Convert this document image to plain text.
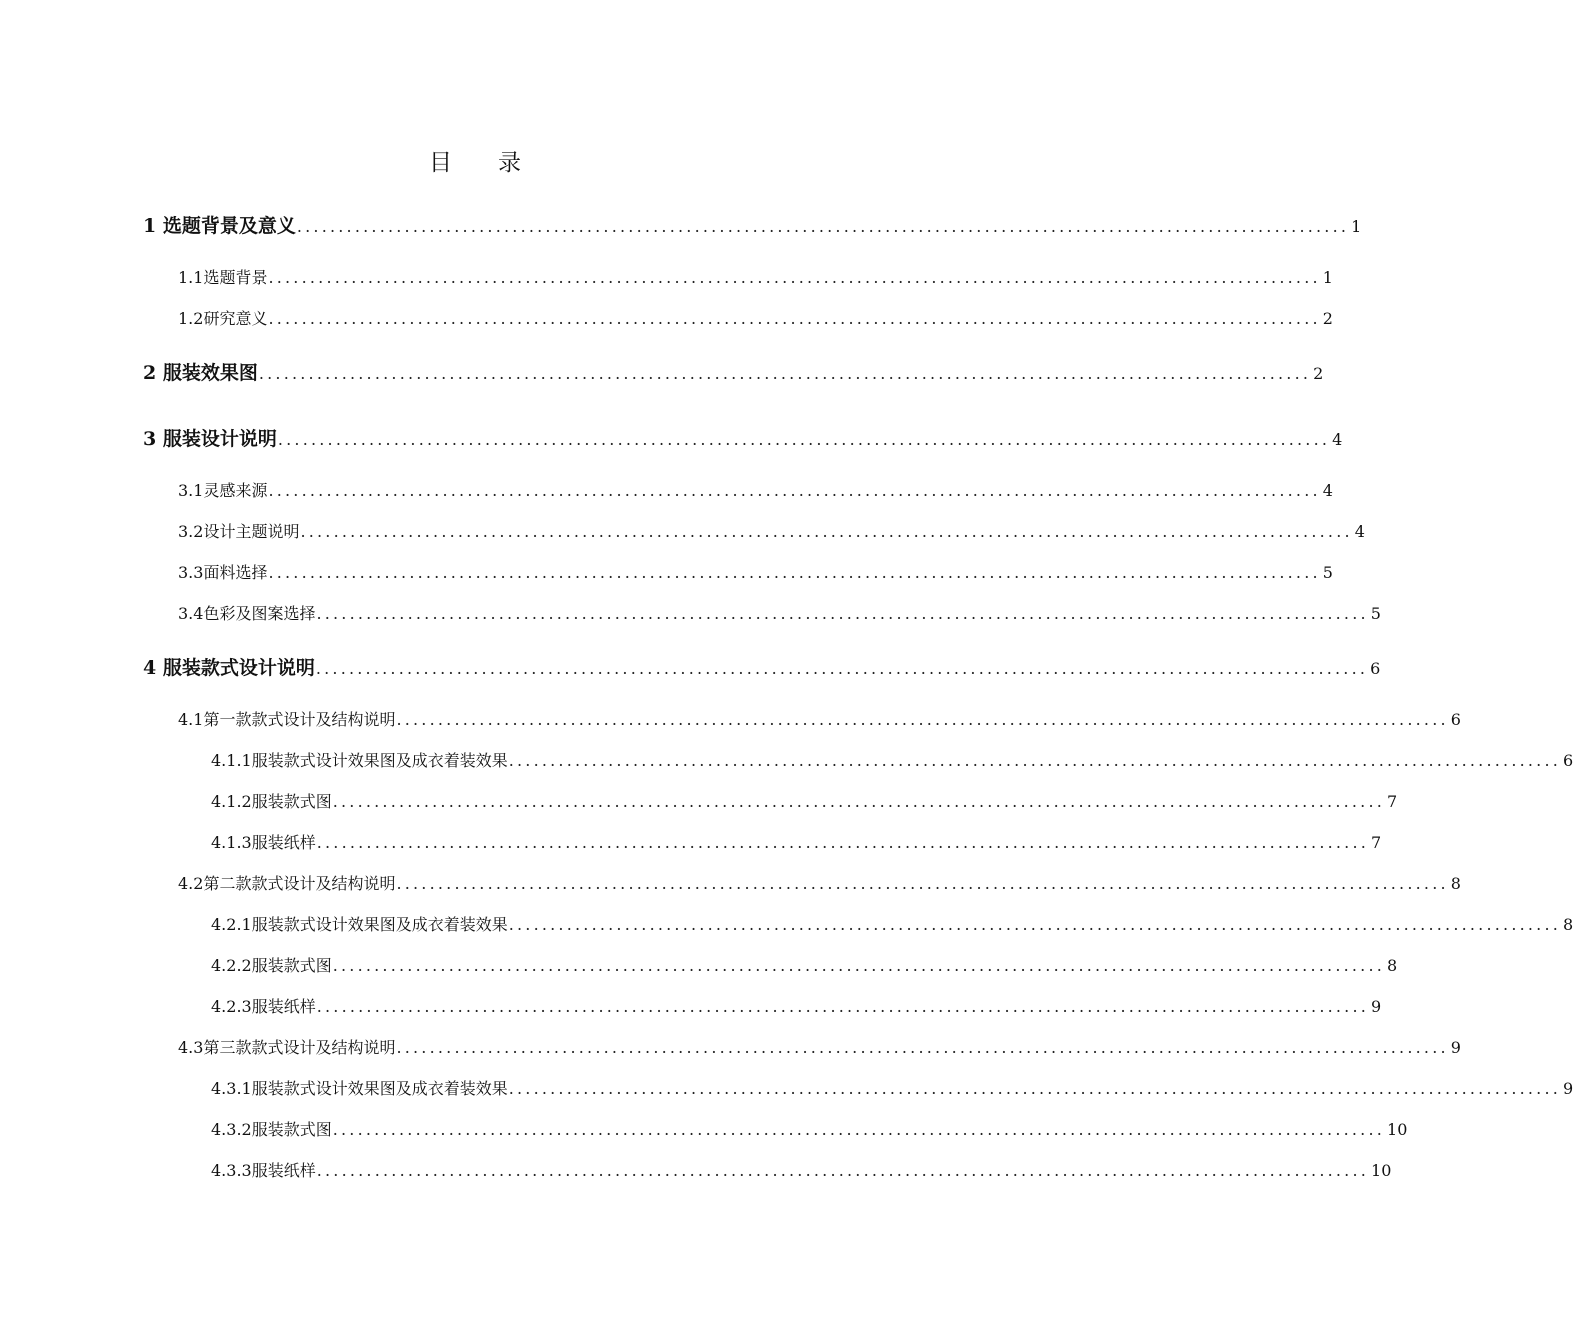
目录
1 选题背景及意义 ............................................................................................................................... 1
1.1选题背景 ............................................................................................................................... 1
1.2研究意义 ............................................................................................................................... 2
2 服装效果图 ............................................................................................................................... 2
3 服装设计说明 ............................................................................................................................... 4
3.1灵感来源 ............................................................................................................................... 4
3.2设计主题说明 ............................................................................................................................... 4
3.3面料选择 ............................................................................................................................... 5
3.4色彩及图案选择 ............................................................................................................................... 5
4 服装款式设计说明 ............................................................................................................................... 6
4.1第一款款式设计及结构说明 ............................................................................................................................... 6
4.1.1服装款式设计效果图及成衣着装效果 ............................................................................................................................... 6
4.1.2服装款式图 ............................................................................................................................... 7
4.1.3服装纸样 ............................................................................................................................... 7
4.2第二款款式设计及结构说明 ............................................................................................................................... 8
4.2.1服装款式设计效果图及成衣着装效果 ............................................................................................................................... 8
4.2.2服装款式图 ............................................................................................................................... 8
4.2.3服装纸样 ............................................................................................................................... 9
4.3第三款款式设计及结构说明 ............................................................................................................................... 9
4.3.1服装款式设计效果图及成衣着装效果 ............................................................................................................................... 9
4.3.2服装款式图 ............................................................................................................................... 10
4.3.3服装纸样 ............................................................................................................................... 10
